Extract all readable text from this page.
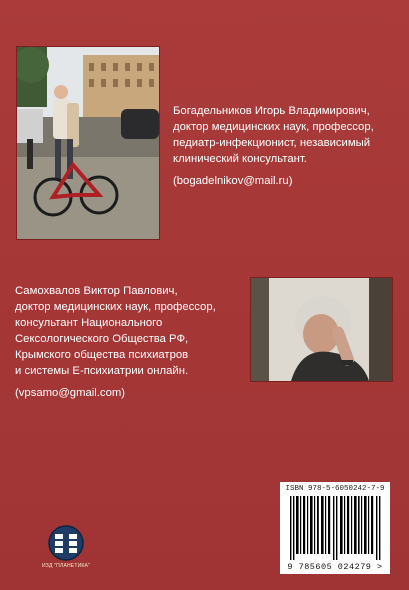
Богадельников Игорь Владимирович,
доктор медицинских наук, профессор,
педиатр-инфекционист, независимый
клинический консультант.
(bogadelnikov@mail.ru)
Самохвалов Виктор Павлович,
доктор медицинских наук, профессор,
консультант Национального
Сексологического Общества РФ,
Крымского общества психиатров
и системы E-психиатрии онлайн.
(vpsamo@gmail.com)
ИЗД "ПЛАНЕТИКА"
ISBN 978-5-6050242-7-9
9 785605 024279 >
